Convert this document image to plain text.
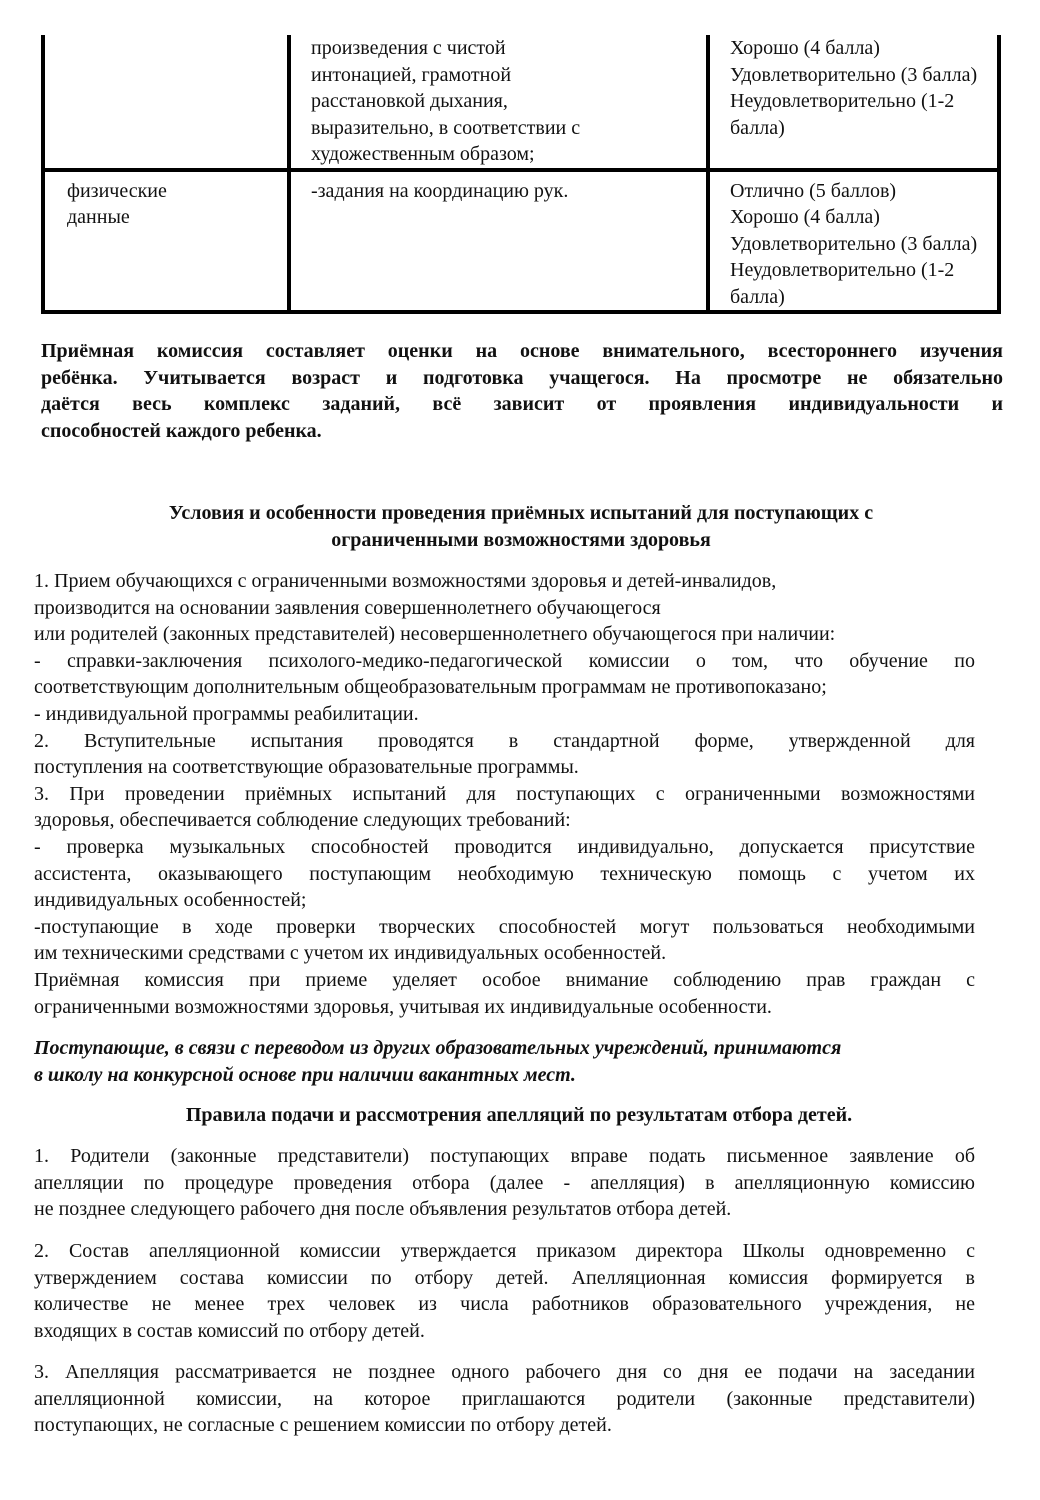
	произведения с чистой
интонацией, грамотной
расстановкой дыхания,
выразительно, в соответствии с
художественным образом;	Хорошо (4 балла)
Удовлетворительно (3 балла)
Неудовлетворительно (1-2
балла)

физические
данные	-задания на координацию рук.	Отлично (5 баллов)
Хорошо (4 балла)
Удовлетворительно (3 балла)
Неудовлетворительно (1-2
балла)
Приёмная комиссия составляет оценки на основе внимательного, всестороннего изучения
ребёнка. Учитывается возраст и подготовка учащегося. На просмотре не обязательно
даётся весь комплекс заданий, всё зависит от проявления индивидуальности и
способностей каждого ребенка.
Условия и особенности проведения приёмных испытаний для поступающих с
ограниченными возможностями здоровья
1. Прием обучающихся с ограниченными возможностями здоровья и детей-инвалидов,
производится на основании заявления совершеннолетнего обучающегося
или родителей (законных представителей) несовершеннолетнего обучающегося при наличии:
- справки-заключения психолого-медико-педагогической комиссии о том, что обучение по
соответствующим дополнительным общеобразовательным программам не противопоказано;
- индивидуальной программы реабилитации.
2. Вступительные испытания проводятся в стандартной форме, утвержденной для
поступления на соответствующие образовательные программы.
3. При проведении приёмных испытаний для поступающих с ограниченными возможностями
здоровья, обеспечивается соблюдение следующих требований:
- проверка музыкальных способностей проводится индивидуально, допускается присутствие
ассистента, оказывающего поступающим необходимую техническую помощь с учетом их
индивидуальных особенностей;
-поступающие в ходе проверки творческих способностей могут пользоваться необходимыми
им техническими средствами с учетом их индивидуальных особенностей.
Приёмная комиссия при приеме уделяет особое внимание соблюдению прав граждан с
ограниченными возможностями здоровья, учитывая их индивидуальные особенности.
Поступающие, в связи с переводом из других образовательных учреждений, принимаются
в школу на конкурсной основе при наличии вакантных мест.
Правила подачи и рассмотрения апелляций по результатам отбора детей.
1. Родители (законные представители) поступающих вправе подать письменное заявление об
апелляции по процедуре проведения отбора (далее - апелляция) в апелляционную комиссию
не позднее следующего рабочего дня после объявления результатов отбора детей.
2. Состав апелляционной комиссии утверждается приказом директора Школы одновременно с
утверждением состава комиссии по отбору детей. Апелляционная комиссия формируется в
количестве не менее трех человек из числа работников образовательного учреждения, не
входящих в состав комиссий по отбору детей.
3. Апелляция рассматривается не позднее одного рабочего дня со дня ее подачи на заседании
апелляционной комиссии, на которое приглашаются родители (законные представители)
поступающих, не согласные с решением комиссии по отбору детей.
